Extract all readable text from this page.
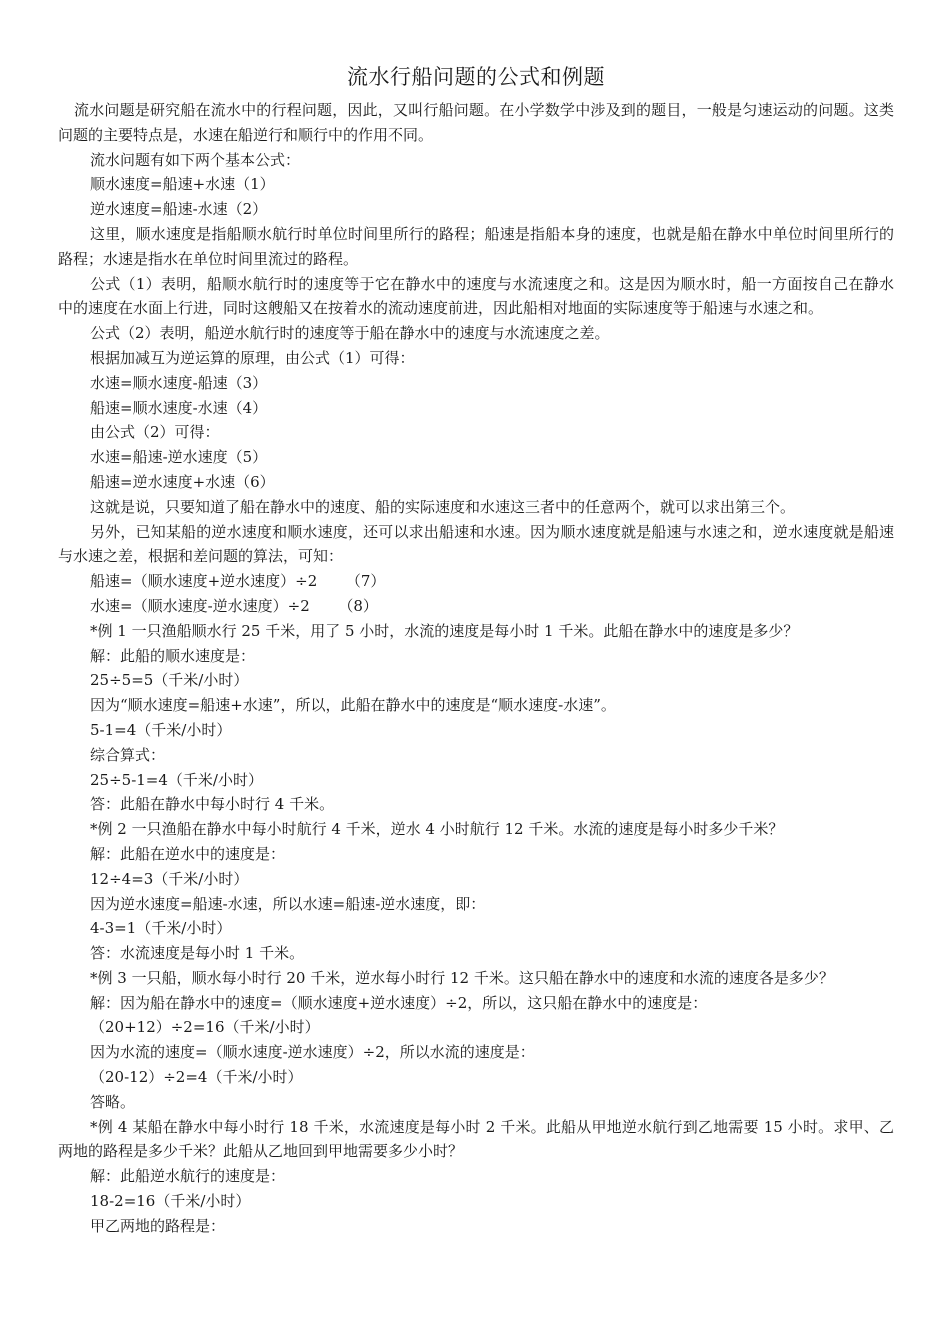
流水行船问题的公式和例题

流水问题是研究船在流水中的行程问题，因此，又叫行船问题。在小学数学中涉及到的题目，一般是匀速运动的问题。这类问题的主要特点是，水速在船逆行和顺行中的作用不同。

流水问题有如下两个基本公式：

顺水速度=船速+水速（1）

逆水速度=船速-水速（2）

这里，顺水速度是指船顺水航行时单位时间里所行的路程；船速是指船本身的速度，也就是船在静水中单位时间里所行的路程；水速是指水在单位时间里流过的路程。

公式（1）表明，船顺水航行时的速度等于它在静水中的速度与水流速度之和。这是因为顺水时，船一方面按自己在静水中的速度在水面上行进，同时这艘船又在按着水的流动速度前进，因此船相对地面的实际速度等于船速与水速之和。

公式（2）表明，船逆水航行时的速度等于船在静水中的速度与水流速度之差。

根据加减互为逆运算的原理，由公式（1）可得：

水速=顺水速度-船速（3）

船速=顺水速度-水速（4）

由公式（2）可得：

水速=船速-逆水速度（5）

船速=逆水速度+水速（6）

这就是说，只要知道了船在静水中的速度、船的实际速度和水速这三者中的任意两个，就可以求出第三个。

另外，已知某船的逆水速度和顺水速度，还可以求出船速和水速。因为顺水速度就是船速与水速之和，逆水速度就是船速与水速之差，根据和差问题的算法，可知：

船速=（顺水速度+逆水速度）÷2      （7）

水速=（顺水速度-逆水速度）÷2      （8）

*例 1 一只渔船顺水行 25 千米，用了 5 小时，水流的速度是每小时 1 千米。此船在静水中的速度是多少？

解：此船的顺水速度是：

25÷5=5（千米/小时）

因为“顺水速度=船速+水速”，所以，此船在静水中的速度是“顺水速度-水速”。

5-1=4（千米/小时）

综合算式：

25÷5-1=4（千米/小时）

答：此船在静水中每小时行 4 千米。

*例 2 一只渔船在静水中每小时航行 4 千米，逆水 4 小时航行 12 千米。水流的速度是每小时多少千米？

解：此船在逆水中的速度是：

12÷4=3（千米/小时）

因为逆水速度=船速-水速，所以水速=船速-逆水速度，即：

4-3=1（千米/小时）

答：水流速度是每小时 1 千米。

*例 3 一只船，顺水每小时行 20 千米，逆水每小时行 12 千米。这只船在静水中的速度和水流的速度各是多少？

解：因为船在静水中的速度=（顺水速度+逆水速度）÷2，所以，这只船在静水中的速度是：

（20+12）÷2=16（千米/小时）

因为水流的速度=（顺水速度-逆水速度）÷2，所以水流的速度是：

（20-12）÷2=4（千米/小时）

答略。

*例 4 某船在静水中每小时行 18 千米，水流速度是每小时 2 千米。此船从甲地逆水航行到乙地需要 15 小时。求甲、乙两地的路程是多少千米？此船从乙地回到甲地需要多少小时？

解：此船逆水航行的速度是：

18-2=16（千米/小时）

甲乙两地的路程是：
